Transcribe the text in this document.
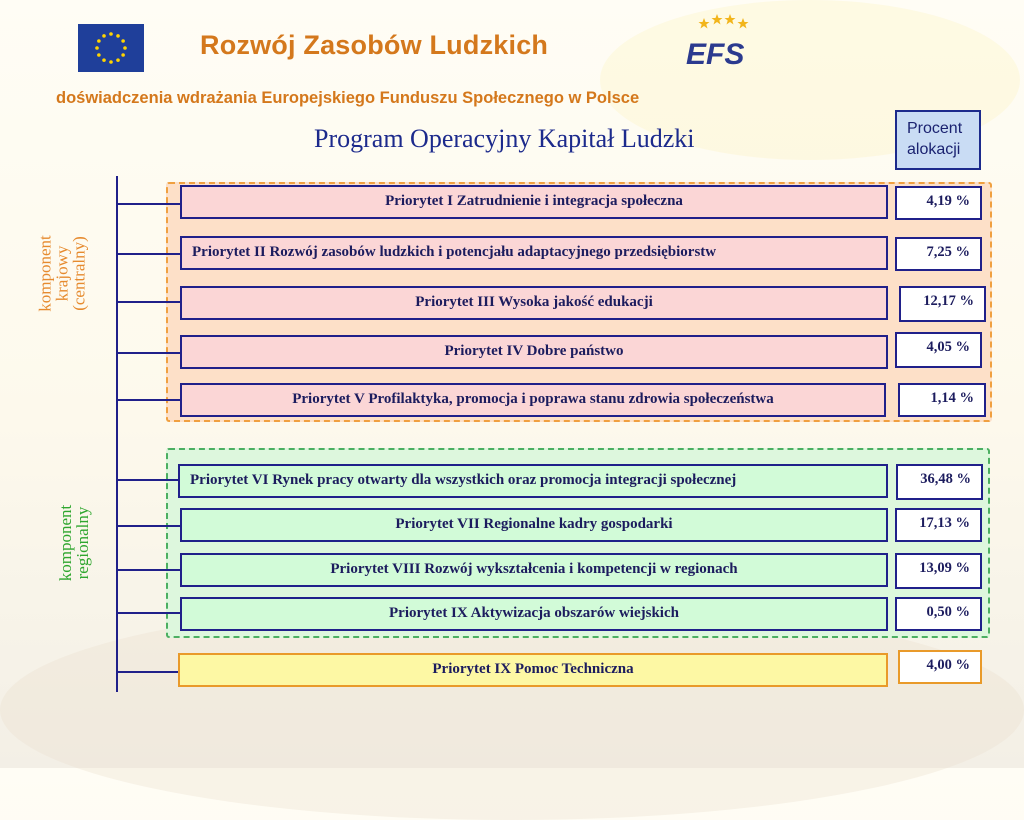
Rozwój Zasobów Ludzkich	EFS
doświadczenia wdrażania Europejskiego Funduszu Społecznego w Polsce
Program Operacyjny Kapitał Ludzki	Procent
alokacji
komponent
krajowy
(centralny)
komponent
regionalny
Priorytet I Zatrudnienie i integracja społeczna	4,19 %
Priorytet II Rozwój zasobów ludzkich i potencjału adaptacyjnego przedsiębiorstw	7,25 %
Priorytet III Wysoka jakość edukacji	12,17 %
Priorytet IV Dobre państwo	4,05 %
Priorytet V Profilaktyka, promocja i poprawa stanu zdrowia społeczeństwa	1,14 %
Priorytet VI Rynek pracy otwarty dla wszystkich oraz promocja integracji społecznej	36,48 %
Priorytet VII Regionalne kadry gospodarki	17,13 %
Priorytet VIII Rozwój wykształcenia i kompetencji w regionach	13,09 %
Priorytet IX Aktywizacja obszarów wiejskich	0,50 %
Priorytet IX Pomoc Techniczna	4,00 %
